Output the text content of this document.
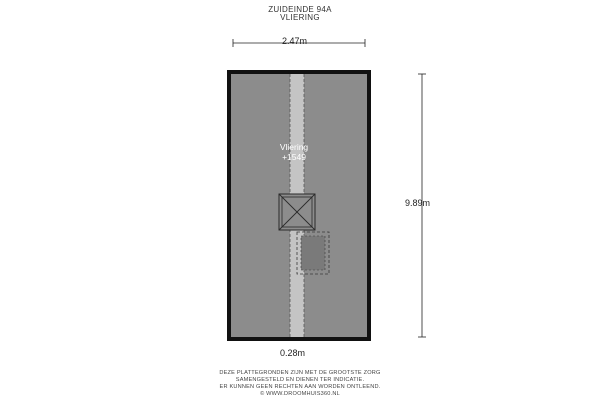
ZUIDEINDE 94A
VLIERING
Vliering
+1549
2.47m
9.89m
0.28m
DEZE PLATTEGRONDEN ZIJN MET DE GROOTSTE ZORG
SAMENGESTELD EN DIENEN TER INDICATIE.
ER KUNNEN GEEN RECHTEN AAN WORDEN ONTLEEND.
© WWW.DROOMHUIS360.NL
